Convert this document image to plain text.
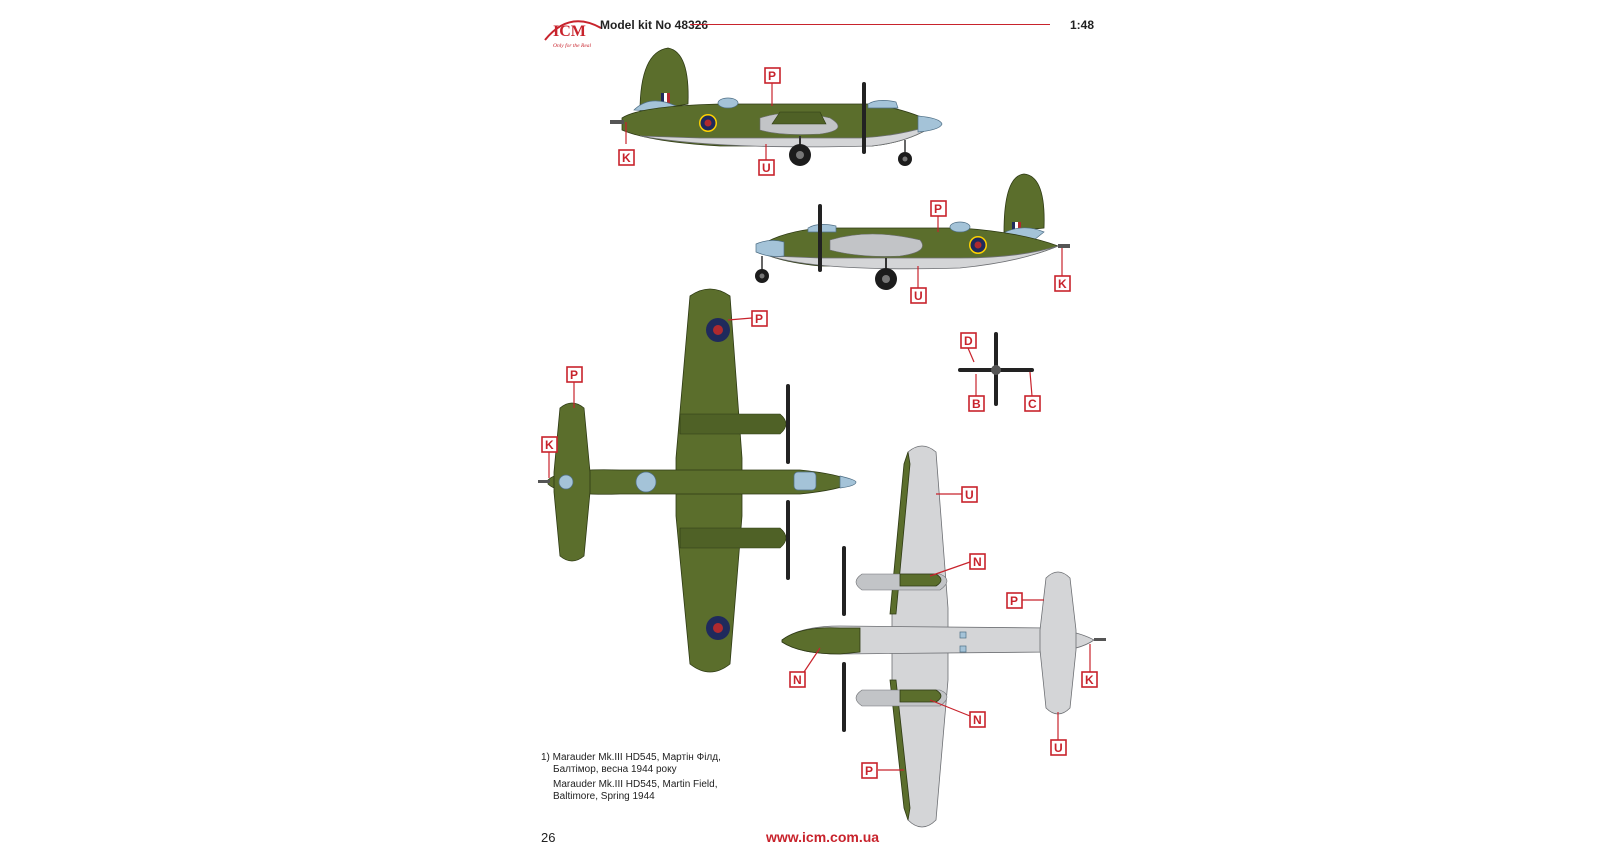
ICM
Only for the Real
Model kit No 48326	1:48
P
K
U
P
K
U
P
P
K
D
B	C
U
N
P
N	K
N
U
P
1) Marauder Mk.III HD545, Мартін Філд,
Балтімор, весна 1944 року
Marauder Mk.III HD545, Martin Field,
Baltimore, Spring 1944
26	www.icm.com.ua
